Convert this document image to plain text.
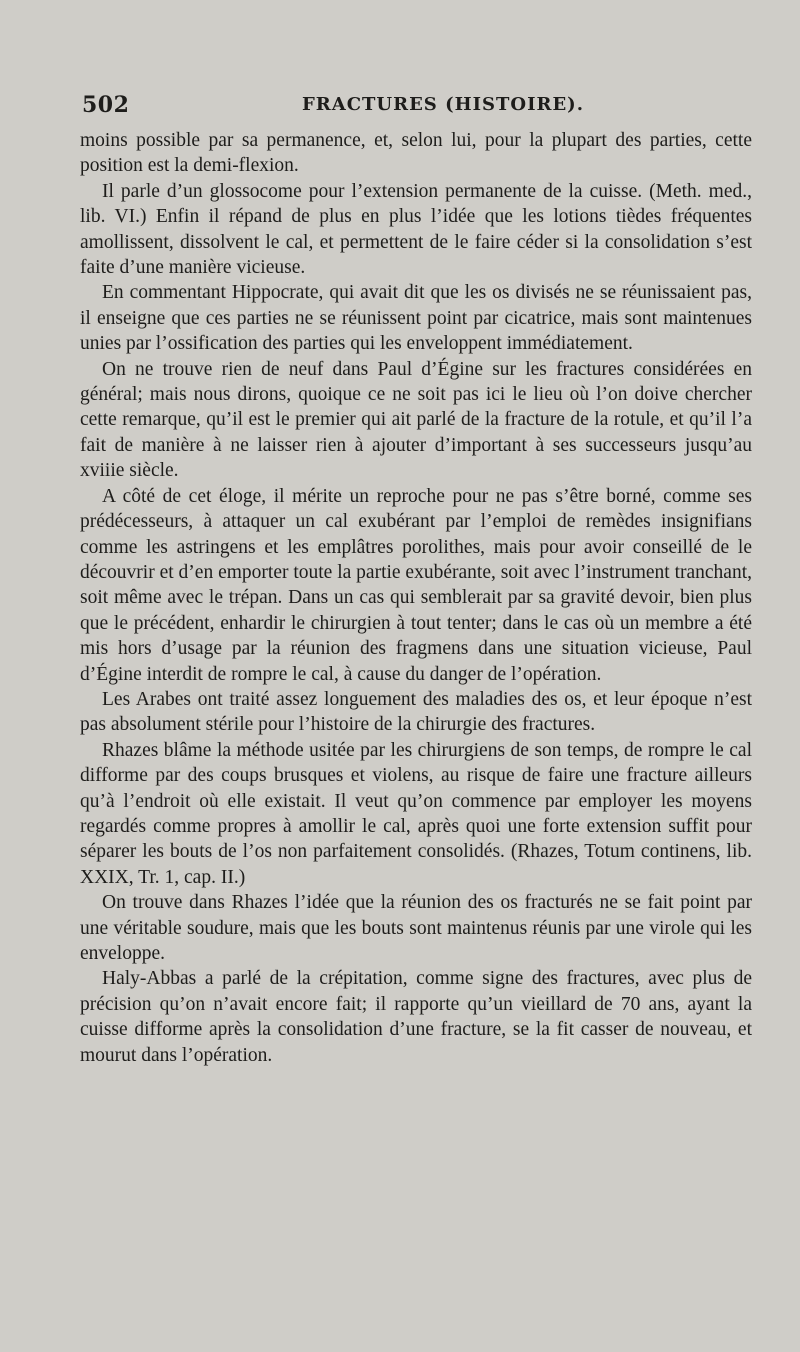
502	FRACTURES (HISTOIRE).

moins possible par sa permanence, et, selon lui, pour la plupart des parties, cette position est la demi-flexion.

Il parle d’un glossocome pour l’extension permanente de la cuisse. (Meth. med., lib. VI.) Enfin il répand de plus en plus l’idée que les lotions tièdes fréquentes amollissent, dissolvent le cal, et permettent de le faire céder si la consolidation s’est faite d’une manière vicieuse.

En commentant Hippocrate, qui avait dit que les os divisés ne se réunissaient pas, il enseigne que ces parties ne se réunissent point par cicatrice, mais sont maintenues unies par l’ossification des parties qui les enveloppent immédiatement.

On ne trouve rien de neuf dans Paul d’Égine sur les fractures considérées en général; mais nous dirons, quoique ce ne soit pas ici le lieu où l’on doive chercher cette remarque, qu’il est le premier qui ait parlé de la fracture de la rotule, et qu’il l’a fait de manière à ne laisser rien à ajouter d’important à ses successeurs jusqu’au xviiie siècle.

A côté de cet éloge, il mérite un reproche pour ne pas s’être borné, comme ses prédécesseurs, à attaquer un cal exubérant par l’emploi de remèdes insignifians comme les astringens et les emplâtres porolithes, mais pour avoir conseillé de le découvrir et d’en emporter toute la partie exubérante, soit avec l’instrument tranchant, soit même avec le trépan. Dans un cas qui semblerait par sa gravité devoir, bien plus que le précédent, enhardir le chirurgien à tout tenter; dans le cas où un membre a été mis hors d’usage par la réunion des fragmens dans une situation vicieuse, Paul d’Égine interdit de rompre le cal, à cause du danger de l’opération.

Les Arabes ont traité assez longuement des maladies des os, et leur époque n’est pas absolument stérile pour l’histoire de la chirurgie des fractures.

Rhazes blâme la méthode usitée par les chirurgiens de son temps, de rompre le cal difforme par des coups brusques et violens, au risque de faire une fracture ailleurs qu’à l’endroit où elle existait. Il veut qu’on commence par employer les moyens regardés comme propres à amollir le cal, après quoi une forte extension suffit pour séparer les bouts de l’os non parfaitement consolidés. (Rhazes, Totum continens, lib. XXIX, Tr. 1, cap. II.)

On trouve dans Rhazes l’idée que la réunion des os fracturés ne se fait point par une véritable soudure, mais que les bouts sont maintenus réunis par une virole qui les enveloppe.

Haly-Abbas a parlé de la crépitation, comme signe des fractures, avec plus de précision qu’on n’avait encore fait; il rapporte qu’un vieillard de 70 ans, ayant la cuisse difforme après la consolidation d’une fracture, se la fit casser de nouveau, et mourut dans l’opération.
